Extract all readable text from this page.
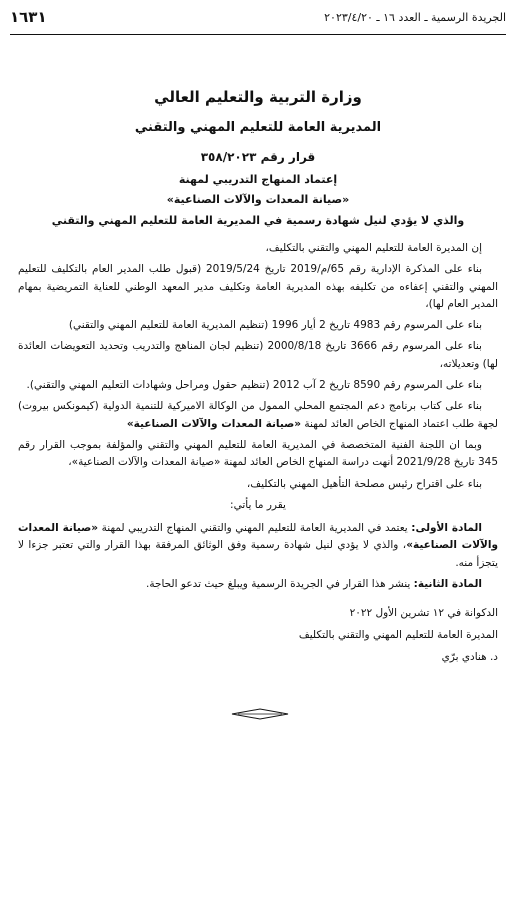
الجريدة الرسمية ـ العدد ١٦ ـ ٢٠٢٣/٤/٢٠
١٦٣١
وزارة التربية والتعليم العالي
المديرية العامة للتعليم المهني والتقني
قرار رقم ٣٥٨/٢٠٢٣
إعتماد المنهاج التدريبي لمهنة
«صيانة المعدات والآلات الصناعية»
والذي لا يؤدي لنيل شهادة رسمية في المديرية العامة للتعليم المهني والتقني

إن المديرة العامة للتعليم المهني والتقني بالتكليف،

بناء على المذكرة الإدارية رقم 65/م/2019 تاريخ 2019/5/24 (قبول طلب المدير العام بالتكليف للتعليم المهني والتقني إعفاءه من تكليفه بهذه المديرية العامة وتكليف مدير المعهد الوطني للعناية التمريضية بمهام المدير العام لها)،

بناء على المرسوم رقم 4983 تاريخ 2 أيار 1996 (تنظيم المديرية العامة للتعليم المهني والتقني)

بناء على المرسوم رقم 3666 تاريخ 2000/8/18 (تنظيم لجان المناهج والتدريب وتحديد التعويضات العائدة لها) وتعديلاته،

بناء على المرسوم رقم 8590 تاريخ 2 آب 2012 (تنظيم حقول ومراحل وشهادات التعليم المهني والتقني).

بناء على كتاب برنامج دعم المجتمع المحلي الممول من الوكالة الاميركية للتنمية الدولية (كيمونكس بيروت) لجهة طلب اعتماد المنهاج الخاص العائد لمهنة «صيانة المعدات والآلات الصناعية»

وبما ان اللجنة الفنية المتخصصة في المديرية العامة للتعليم المهني والتقني والمؤلفة بموجب القرار رقم 345 تاريخ 2021/9/28 أنهت دراسة المنهاج الخاص العائد لمهنة «صيانة المعدات والآلات الصناعية»،

بناء على اقتراح رئيس مصلحة التأهيل المهني بالتكليف،

يقرر ما يأتي:

المادة الأولى: يعتمد في المديرية العامة للتعليم المهني والتقني المنهاج التدريبي لمهنة «صيانة المعدات والآلات الصناعية»، والذي لا يؤدي لنيل شهادة رسمية وفق الوثائق المرفقة بهذا القرار والتي تعتبر جزءا لا يتجزأ منه.

المادة الثانية: ينشر هذا القرار في الجريدة الرسمية ويبلغ حيث تدعو الحاجة.

الدكوانة في ١٢ تشرين الأول ٢٠٢٢
المديرة العامة للتعليم المهني والتقني بالتكليف
د. هنادي برّي
